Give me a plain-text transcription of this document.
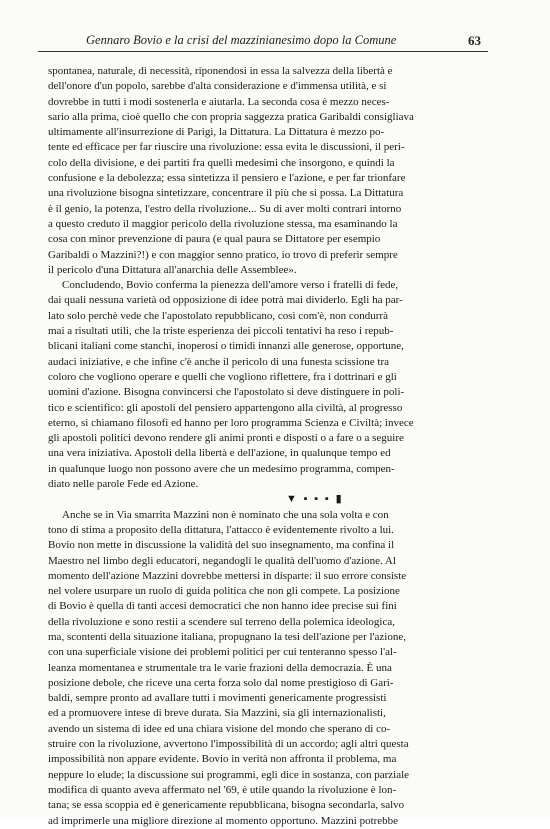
Gennaro Bovio e la crisi del mazzinianesimo dopo la Comune	63
spontanea, naturale, di necessità, riponendosi in essa la salvezza della libertà e
dell'onore d'un popolo, sarebbe d'alta considerazione e d'immensa utilità, e si
dovrebbe in tutti i modi sostenerla e aiutarla. La seconda cosa è mezzo neces-
sario alla prima, cioè quello che con propria saggezza pratica Garibaldi consigliava
ultimamente all'insurrezione di Parigi, la Dittatura. La Dittatura è mezzo po-
tente ed efficace per far riuscire una rivoluzione: essa evita le discussioni, il peri-
colo della divisione, e dei partiti fra quelli medesimi che insorgono, e quindi la
confusione e la debolezza; essa sintetizza il pensiero e l'azione, e per far trionfare
una rivoluzione bisogna sintetizzare, concentrare il più che si possa. La Dittatura
è il genio, la potenza, l'estro della rivoluzione... Su di aver molti contrari intorno
a questo creduto il maggior pericolo della rivoluzione stessa, ma esaminando la
cosa con minor prevenzione di paura (e qual paura se Dittatore per esempio
Garibaldi o Mazzini?!) e con maggior senno pratico, io trovo di preferir sempre
il pericolo d'una Dittatura all'anarchia delle Assemblee».
Concludendo, Bovio conferma la pienezza dell'amore verso i fratelli di fede,
dai quali nessuna varietà od opposizione di idee potrà mai dividerlo. Egli ha par-
lato solo perchè vede che l'apostolato repubblicano, così com'è, non condurrà
mai a risultati utili, che la triste esperienza dei piccoli tentativi ha reso i repub-
blicani italiani come stanchi, inoperosi o timidi innanzi alle generose, opportune,
audaci iniziative, e che infine c'è anche il pericolo di una funesta scissione tra
coloro che vogliono operare e quelli che vogliono riflettere, fra i dottrinari e gli
uomini d'azione. Bisogna convincersi che l'apostolato si deve distinguere in poli-
tico e scientifico: gli apostoli del pensiero appartengono alla civiltà, al progresso
eterno, si chiamano filosofi ed hanno per loro programma Scienza e Civiltà; invece
gli apostoli politici devono rendere gli animi pronti e disposti o a fare o a seguire
una vera iniziativa. Apostoli della libertà e dell'azione, in qualunque tempo ed
in qualunque luogo non possono avere che un medesimo programma, compen-
diato nelle parole Fede ed Azione.
▼ ▪ ▪ ▪ ▮
Anche se in Via smarrita Mazzini non è nominato che una sola volta e con
tono di stima a proposito della dittatura, l'attacco è evidentemente rivolto a lui.
Bovio non mette in discussione la validità del suo insegnamento, ma confina il
Maestro nel limbo degli educatori, negandogli le qualità dell'uomo d'azione. Al
momento dell'azione Mazzini dovrebbe mettersi in disparte: il suo errore consiste
nel volere usurpare un ruolo di guida politica che non gli compete. La posizione
di Bovio è quella di tanti accesi democratici che non hanno idee precise sui fini
della rivoluzione e sono restii a scendere sul terreno della polemica ideologica,
ma, scontenti della situazione italiana, propugnano la tesi dell'azione per l'azione,
con una superficiale visione dei problemi politici per cui tenteranno spesso l'al-
leanza momentanea e strumentale tra le varie frazioni della democrazia. È una
posizione debole, che riceve una certa forza solo dal nome prestigioso di Gari-
baldi, sempre pronto ad avallare tutti i movimenti genericamente progressisti
ed a promuovere intese di breve durata. Sia Mazzini, sia gli internazionalisti,
avendo un sistema di idee ed una chiara visione del mondo che sperano di co-
struire con la rivoluzione, avvertono l'impossibilità di un accordo; agli altri questa
impossibilità non appare evidente. Bovio in verità non affronta il problema, ma
neppure lo elude; la discussione sui programmi, egli dice in sostanza, con parziale
modifica di quanto aveva affermato nel '69, è utile quando la rivoluzione è lon-
tana; se essa scoppia ed è genericamente repubblicana, bisogna secondarla, salvo
ad imprimerle una migliore direzione al momento opportuno. Mazzini potrebbe
